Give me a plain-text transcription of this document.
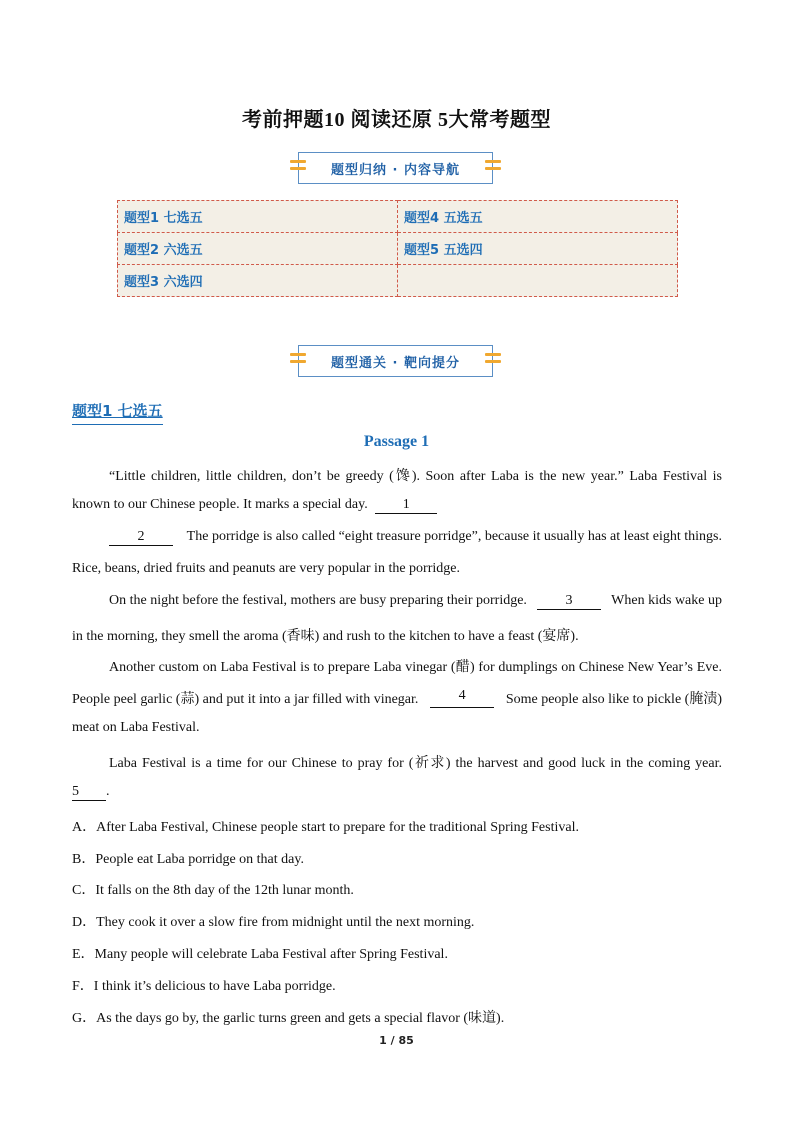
考前押题10 阅读还原 5大常考题型
题型归纳 · 内容导航
题型1 七选五	题型4 五选五
题型2 六选五	题型5 五选四
题型3 六选四	
题型通关 · 靶向提分
题型1 七选五
Passage 1
“Little children, little children, don’t be greedy (馋). Soon after Laba is the new year.” Laba Festival is
known to our Chinese people. It marks a special day.	1
2	The porridge is also called “eight treasure porridge”, because it usually has at least eight things.
Rice, beans, dried fruits and peanuts are very popular in the porridge.
On the night before the festival, mothers are busy preparing their porridge.	3	When kids wake up
in the morning, they smell the aroma (香味) and rush to the kitchen to have a feast (宴席).
Another custom on Laba Festival is to prepare Laba vinegar (醋) for dumplings on Chinese New Year’s Eve.
People peel garlic (蒜) and put it into a jar filled with vinegar.	4	Some people also like to pickle (腌渍)
meat on Laba Festival.
Laba Festival is a time for our Chinese to pray for (祈求) the harvest and good luck in the coming year.
5 .
A．After Laba Festival, Chinese people start to prepare for the traditional Spring Festival.
B．People eat Laba porridge on that day.
C．It falls on the 8th day of the 12th lunar month.
D．They cook it over a slow fire from midnight until the next morning.
E．Many people will celebrate Laba Festival after Spring Festival.
F．I think it’s delicious to have Laba porridge.
G．As the days go by, the garlic turns green and gets a special flavor (味道).
1 / 85
